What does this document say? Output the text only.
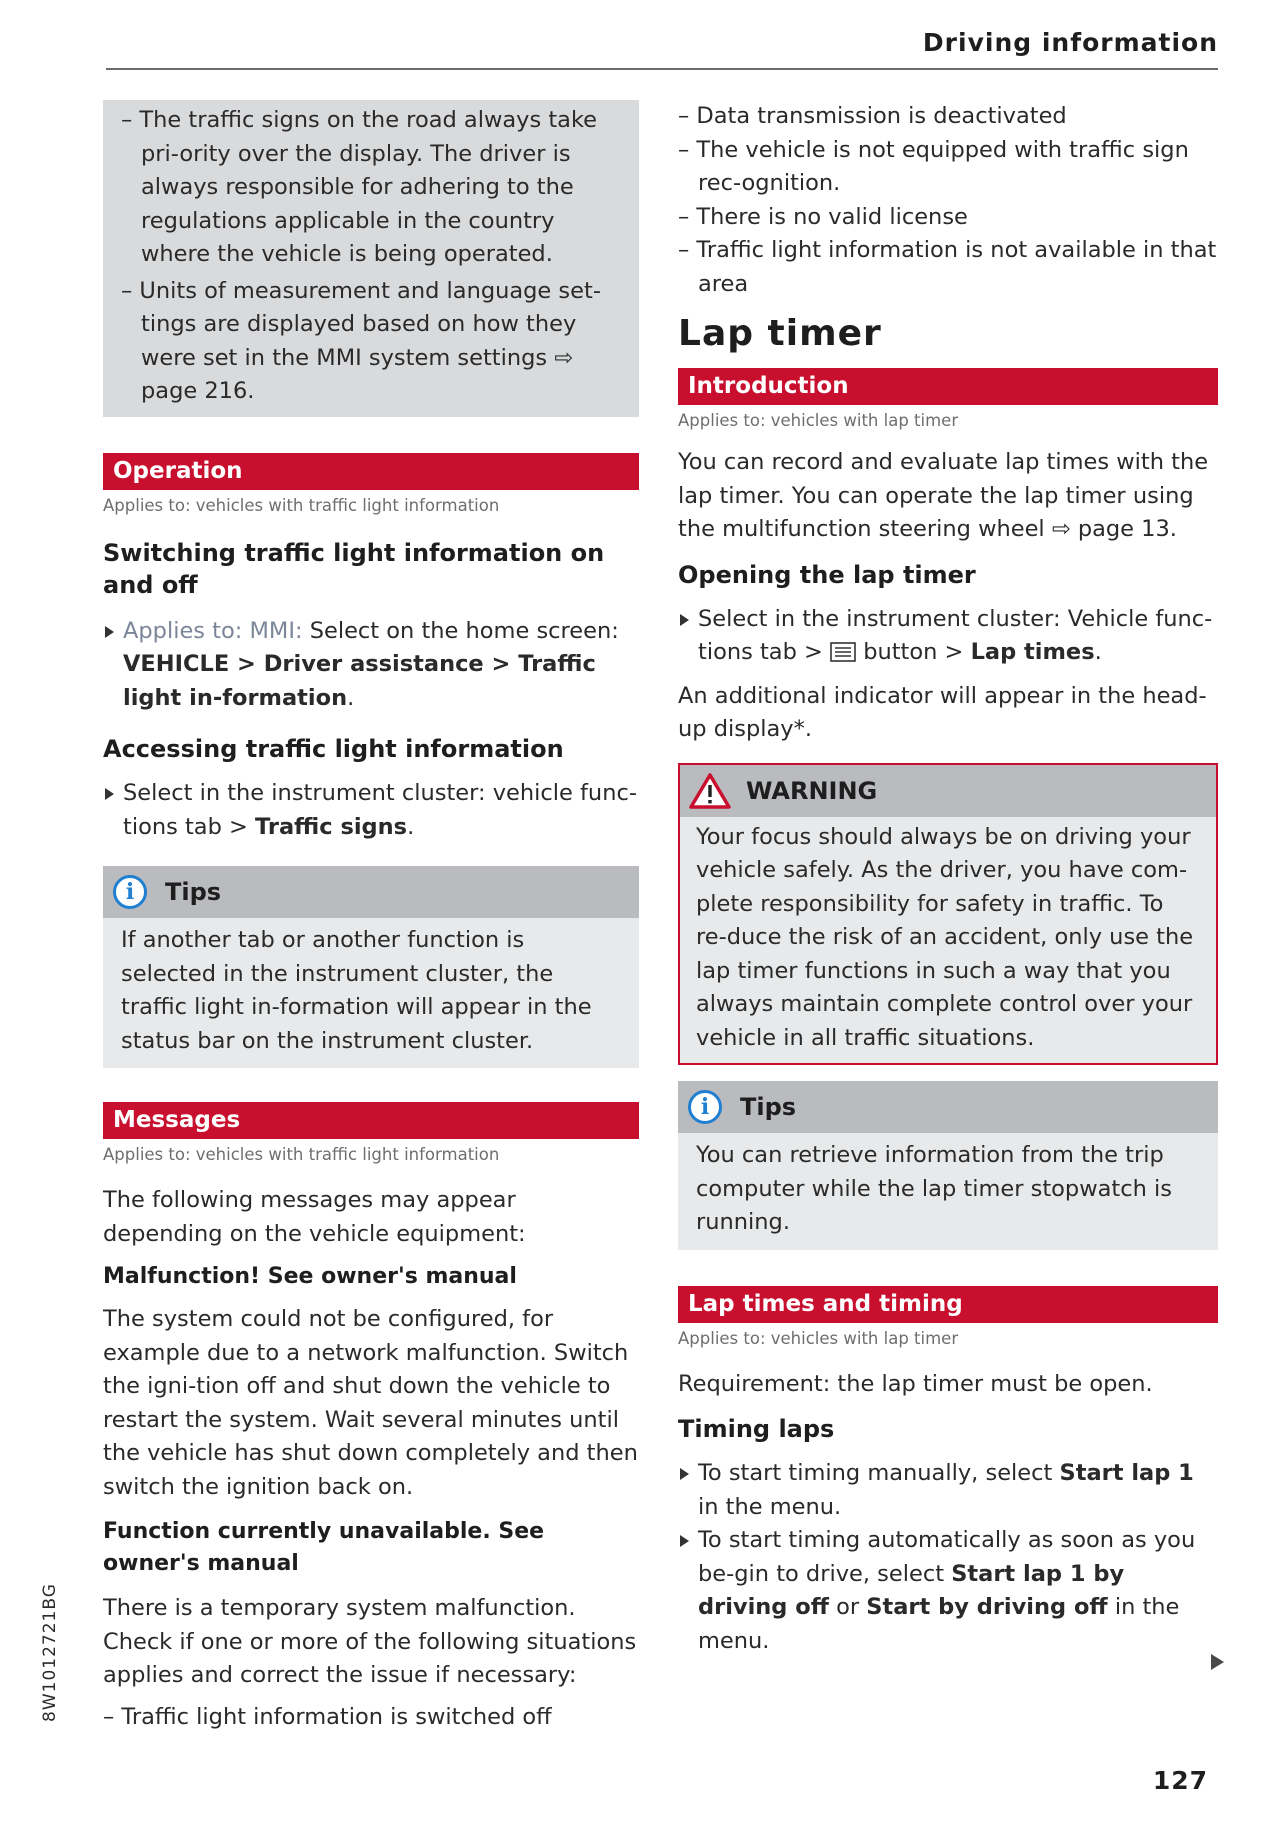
Driving information

– The traffic signs on the road always take pri-ority over the display. The driver is always responsible for adhering to the regulations applicable in the country where the vehicle is being operated.

– Units of measurement and language set-tings are displayed based on how they were set in the MMI system settings ⇨ page 216.

Operation
Applies to: vehicles with traffic light information
Switching traffic light information on and off
Applies to: MMI: Select on the home screen: VEHICLE > Driver assistance > Traffic light in-formation.
Accessing traffic light information
Select in the instrument cluster: vehicle func-tions tab > Traffic signs.
i	Tips
If another tab or another function is selected in the instrument cluster, the traffic light in-formation will appear in the status bar on the instrument cluster.
Messages
Applies to: vehicles with traffic light information

The following messages may appear depending on the vehicle equipment:

Malfunction! See owner's manual

The system could not be configured, for example due to a network malfunction. Switch the igni-tion off and shut down the vehicle to restart the system. Wait several minutes until the vehicle has shut down completely and then switch the ignition back on.

Function currently unavailable. See owner's manual

There is a temporary system malfunction. Check if one or more of the following situations applies and correct the issue if necessary:

– Traffic light information is switched off

– Data transmission is deactivated

– The vehicle is not equipped with traffic sign rec-ognition.

– There is no valid license

– Traffic light information is not available in that area

Lap timer
Introduction
Applies to: vehicles with lap timer

You can record and evaluate lap times with the lap timer. You can operate the lap timer using the multifunction steering wheel ⇨ page 13.

Opening the lap timer
Select in the instrument cluster: Vehicle func-tions tab > button > Lap times.

An additional indicator will appear in the head-up display*.

WARNING
Your focus should always be on driving your vehicle safely. As the driver, you have com-plete responsibility for safety in traffic. To re-duce the risk of an accident, only use the lap timer functions in such a way that you always maintain complete control over your vehicle in all traffic situations.
i	Tips
You can retrieve information from the trip computer while the lap timer stopwatch is running.
Lap times and timing
Applies to: vehicles with lap timer

Requirement: the lap timer must be open.

Timing laps
To start timing manually, select Start lap 1 in the menu.
To start timing automatically as soon as you be-gin to drive, select Start lap 1 by driving off or Start by driving off in the menu.
8W1012721BG
127
